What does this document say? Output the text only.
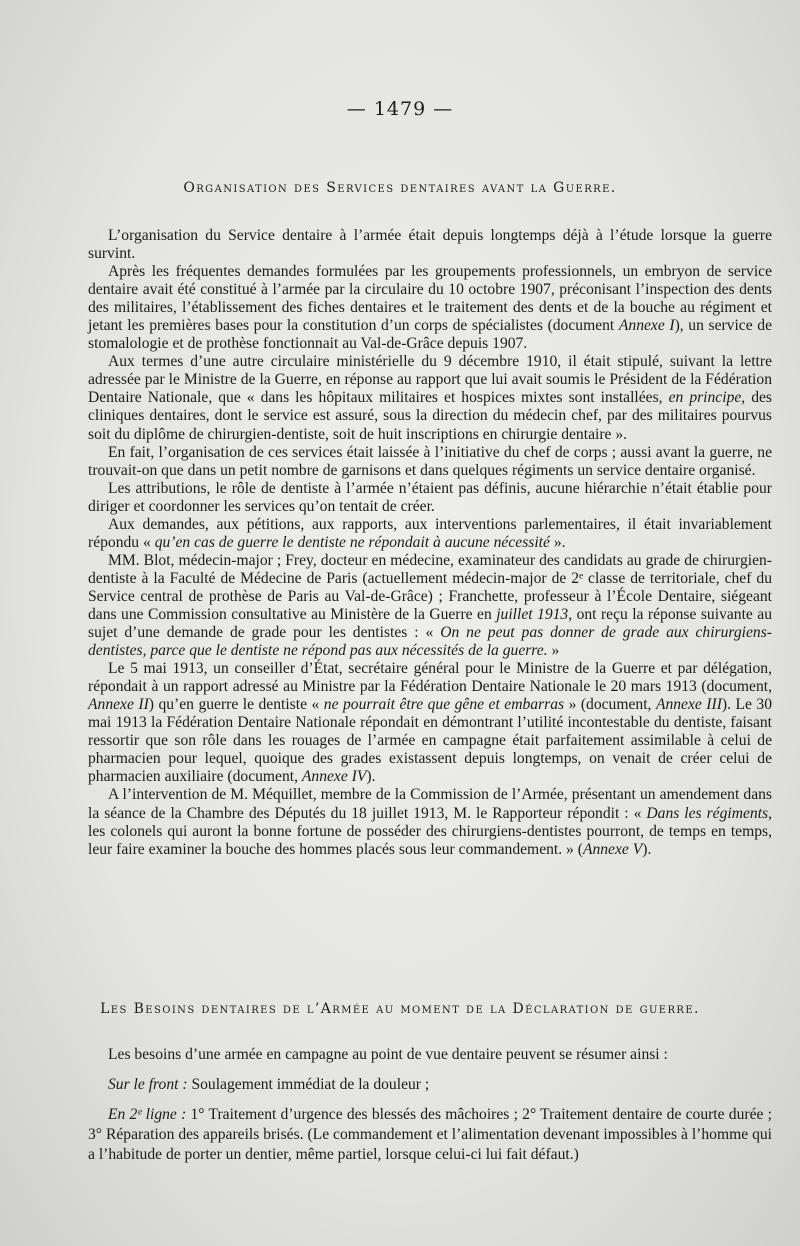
— 1479 —
Organisation des Services dentaires avant la Guerre.

L’organisation du Service dentaire à l’armée était depuis longtemps déjà à l’étude lorsque la guerre survint.

Après les fréquentes demandes formulées par les groupements professionnels, un embryon de service dentaire avait été constitué à l’armée par la circulaire du 10 octobre 1907, préconisant l’inspection des dents des militaires, l’établissement des fiches dentaires et le traitement des dents et de la bouche au régiment et jetant les premières bases pour la constitution d’un corps de spécialistes (document Annexe I), un service de stomalologie et de prothèse fonctionnait au Val-de-Grâce depuis 1907.

Aux termes d’une autre circulaire ministérielle du 9 décembre 1910, il était stipulé, suivant la lettre adressée par le Ministre de la Guerre, en réponse au rapport que lui avait soumis le Président de la Fédération Dentaire Nationale, que « dans les hôpitaux militaires et hospices mixtes sont installées, en principe, des cliniques dentaires, dont le service est assuré, sous la direction du médecin chef, par des militaires pourvus soit du diplôme de chirurgien-dentiste, soit de huit inscriptions en chirurgie dentaire ».

En fait, l’organisation de ces services était laissée à l’initiative du chef de corps ; aussi avant la guerre, ne trouvait-on que dans un petit nombre de garnisons et dans quelques régiments un service dentaire organisé.

Les attributions, le rôle de dentiste à l’armée n’étaient pas définis, aucune hiérarchie n’était établie pour diriger et coordonner les services qu’on tentait de créer.

Aux demandes, aux pétitions, aux rapports, aux interventions parlementaires, il était invariablement répondu « qu’en cas de guerre le dentiste ne répondait à aucune nécessité ».

MM. Blot, médecin-major ; Frey, docteur en médecine, examinateur des candidats au grade de chirurgien-dentiste à la Faculté de Médecine de Paris (actuellement médecin-major de 2ᵉ classe de territoriale, chef du Service central de prothèse de Paris au Val-de-Grâce) ; Franchette, professeur à l’École Dentaire, siégeant dans une Commission consultative au Ministère de la Guerre en juillet 1913, ont reçu la réponse suivante au sujet d’une demande de grade pour les dentistes : « On ne peut pas donner de grade aux chirurgiens-dentistes, parce que le dentiste ne répond pas aux nécessités de la guerre. »

Le 5 mai 1913, un conseiller d’État, secrétaire général pour le Ministre de la Guerre et par délégation, répondait à un rapport adressé au Ministre par la Fédération Dentaire Nationale le 20 mars 1913 (document, Annexe II) qu’en guerre le dentiste « ne pourrait être que gêne et embarras » (document, Annexe III). Le 30 mai 1913 la Fédération Dentaire Nationale répondait en démontrant l’utilité incontestable du dentiste, faisant ressortir que son rôle dans les rouages de l’armée en campagne était parfaitement assimilable à celui de pharmacien pour lequel, quoique des grades existassent depuis longtemps, on venait de créer celui de pharmacien auxiliaire (document, Annexe IV).

A l’intervention de M. Méquillet, membre de la Commission de l’Armée, présentant un amendement dans la séance de la Chambre des Députés du 18 juillet 1913, M. le Rapporteur répondit : « Dans les régiments, les colonels qui auront la bonne fortune de posséder des chirurgiens-dentistes pourront, de temps en temps, leur faire examiner la bouche des hommes placés sous leur commandement. » (Annexe V).

Les Besoins dentaires de l’Armée au moment de la Déclaration de guerre.

Les besoins d’une armée en campagne au point de vue dentaire peuvent se résumer ainsi :

Sur le front : Soulagement immédiat de la douleur ;

En 2ᵉ ligne : 1° Traitement d’urgence des blessés des mâchoires ; 2° Traitement dentaire de courte durée ; 3° Réparation des appareils brisés. (Le commandement et l’alimentation devenant impossibles à l’homme qui a l’habitude de porter un dentier, même partiel, lorsque celui-ci lui fait défaut.)
